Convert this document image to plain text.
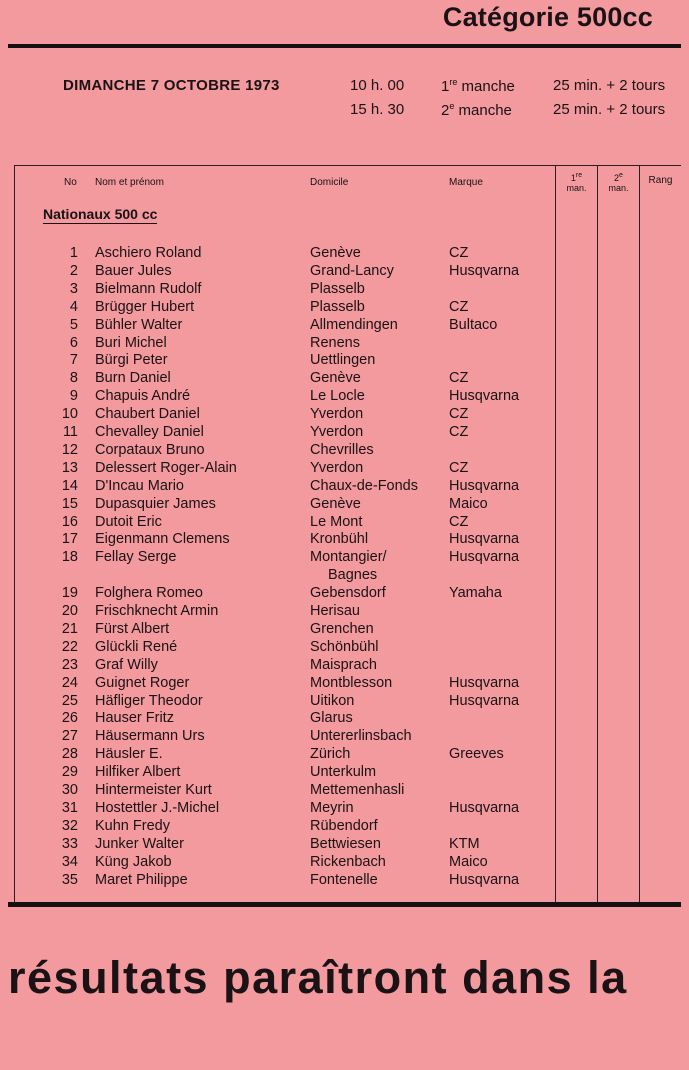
Catégorie 500cc
DIMANCHE 7 OCTOBRE 1973	10 h. 00 1re manche	25 min. + 2 tours
15 h. 30 2e manche	25 min. + 2 tours
No Nom et prénom	Domicile	Marque	1re
man.
2e
man.
Rang
Nationaux 500 cc
1 Aschiero Roland	Genève	CZ
2 Bauer Jules	Grand-Lancy	Husqvarna
3 Bielmann Rudolf	Plasselb
4 Brügger Hubert	Plasselb	CZ
5 Bühler Walter	Allmendingen	Bultaco
6 Buri Michel	Renens
7 Bürgi Peter	Uettlingen
8 Burn Daniel	Genève	CZ
9 Chapuis André	Le Locle	Husqvarna
10 Chaubert Daniel	Yverdon	CZ
11 Chevalley Daniel	Yverdon	CZ
12 Corpataux Bruno	Chevrilles
13 Delessert Roger-Alain	Yverdon	CZ
14 D'Incau Mario	Chaux-de-Fonds Husqvarna
15 Dupasquier James	Genève	Maico
16 Dutoit Eric	Le Mont	CZ
17 Eigenmann Clemens	Kronbühl	Husqvarna
18 Fellay Serge	Montangier/	Husqvarna
Bagnes
19 Folghera Romeo	Gebensdorf	Yamaha
20 Frischknecht Armin	Herisau
21 Fürst Albert	Grenchen
22 Glückli René	Schönbühl
23 Graf Willy	Maisprach
24 Guignet Roger	Montblesson	Husqvarna
25 Häfliger Theodor	Uitikon	Husqvarna
26 Hauser Fritz	Glarus
27 Häusermann Urs	Untererlinsbach
28 Häusler E.	Zürich	Greeves
29 Hilfiker Albert	Unterkulm
30 Hintermeister Kurt	Mettemenhasli
31 Hostettler J.-Michel	Meyrin	Husqvarna
32 Kuhn Fredy	Rübendorf
33 Junker Walter	Bettwiesen	KTM
34 Küng Jakob	Rickenbach	Maico
35 Maret Philippe	Fontenelle	Husqvarna
résultats paraîtront dans la
